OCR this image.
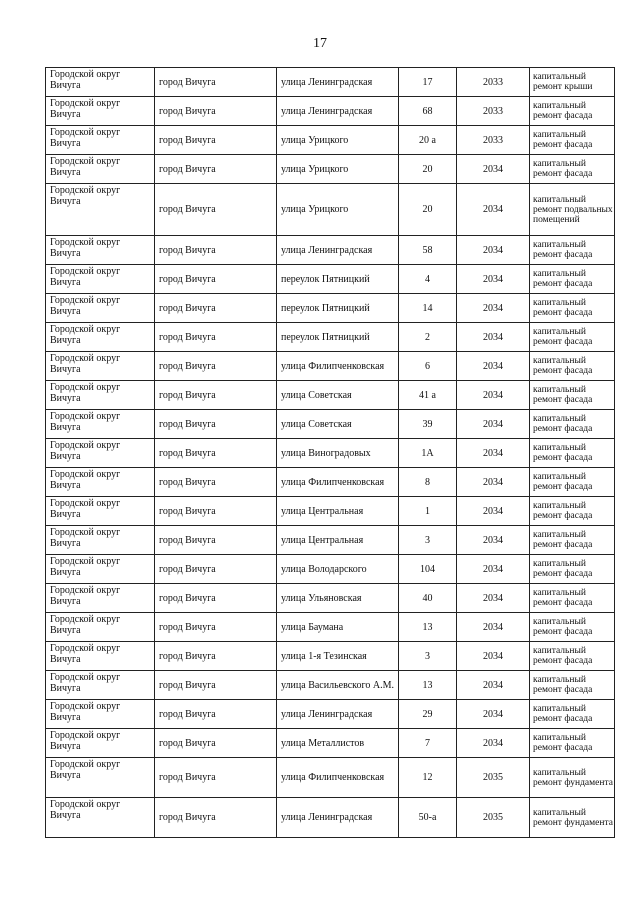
17
Городской округ Вичуга	город Вичуга	улица Ленинградская	17	2033	капитальный ремонт крыши
Городской округ Вичуга	город Вичуга	улица Ленинградская	68	2033	капитальный ремонт фасада
Городской округ Вичуга	город Вичуга	улица Урицкого	20 а	2033	капитальный ремонт фасада
Городской округ Вичуга	город Вичуга	улица Урицкого	20	2034	капитальный ремонт фасада
Городской округ Вичуга	город Вичуга	улица Урицкого	20	2034	капитальный ремонт подвальных помещений
Городской округ Вичуга	город Вичуга	улица Ленинградская	58	2034	капитальный ремонт фасада
Городской округ Вичуга	город Вичуга	переулок Пятницкий	4	2034	капитальный ремонт фасада
Городской округ Вичуга	город Вичуга	переулок Пятницкий	14	2034	капитальный ремонт фасада
Городской округ Вичуга	город Вичуга	переулок Пятницкий	2	2034	капитальный ремонт фасада
Городской округ Вичуга	город Вичуга	улица Филипченковская	6	2034	капитальный ремонт фасада
Городской округ Вичуга	город Вичуга	улица Советская	41 а	2034	капитальный ремонт фасада
Городской округ Вичуга	город Вичуга	улица Советская	39	2034	капитальный ремонт фасада
Городской округ Вичуга	город Вичуга	улица Виноградовых	1А	2034	капитальный ремонт фасада
Городской округ Вичуга	город Вичуга	улица Филипченковская	8	2034	капитальный ремонт фасада
Городской округ Вичуга	город Вичуга	улица Центральная	1	2034	капитальный ремонт фасада
Городской округ Вичуга	город Вичуга	улица Центральная	3	2034	капитальный ремонт фасада
Городской округ Вичуга	город Вичуга	улица Володарского	104	2034	капитальный ремонт фасада
Городской округ Вичуга	город Вичуга	улица Ульяновская	40	2034	капитальный ремонт фасада
Городской округ Вичуга	город Вичуга	улица Баумана	13	2034	капитальный ремонт фасада
Городской округ Вичуга	город Вичуга	улица 1-я Тезинская	3	2034	капитальный ремонт фасада
Городской округ Вичуга	город Вичуга	улица Васильевского А.М.	13	2034	капитальный ремонт фасада
Городской округ Вичуга	город Вичуга	улица Ленинградская	29	2034	капитальный ремонт фасада
Городской округ Вичуга	город Вичуга	улица Металлистов	7	2034	капитальный ремонт фасада
Городской округ Вичуга	город Вичуга	улица Филипченковская	12	2035	капитальный ремонт фундамента
Городской округ Вичуга	город Вичуга	улица Ленинградская	50-а	2035	капитальный ремонт фундамента
